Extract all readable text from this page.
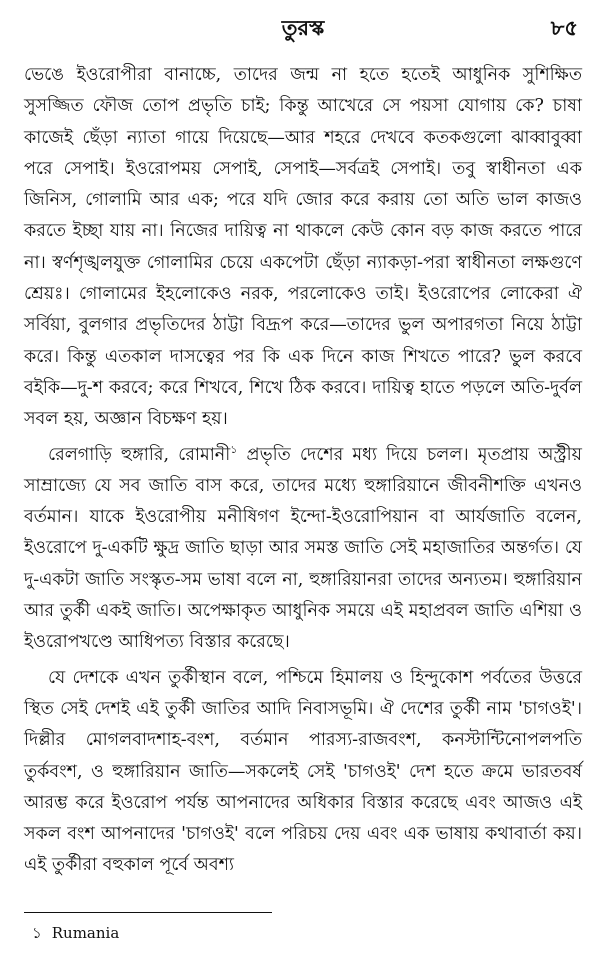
তুরস্ক	৮৫

ভেঙে ইওরোপীরা বানাচ্চে, তাদের জন্ম না হতে হতেই আধুনিক সুশিক্ষিত সুসজ্জিত ফৌজ তোপ প্রভৃতি চাই; কিন্তু আখেরে সে পয়সা যোগায় কে? চাষা কাজেই ছেঁড়া ন্যাতা গায়ে দিয়েছে—আর শহরে দেখবে কতকগুলো ঝাব্বাবুব্বা পরে সেপাই। ইওরোপময় সেপাই, সেপাই—সর্বত্রই সেপাই। তবু স্বাধীনতা এক জিনিস, গোলামি আর এক; পরে যদি জোর করে করায় তো অতি ভাল কাজও করতে ইচ্ছা যায় না। নিজের দায়িত্ব না থাকলে কেউ কোন বড় কাজ করতে পারে না। স্বর্ণশৃঙ্খলযুক্ত গোলামির চেয়ে একপেটা ছেঁড়া ন্যাকড়া-পরা স্বাধীনতা লক্ষগুণে শ্রেয়ঃ। গোলামের ইহলোকেও নরক, পরলোকেও তাই। ইওরোপের লোকেরা ঐ সর্বিয়া, বুলগার প্রভৃতিদের ঠাট্টা বিদ্রূপ করে—তাদের ভুল অপারগতা নিয়ে ঠাট্টা করে। কিন্তু এতকাল দাসত্বের পর কি এক দিনে কাজ শিখতে পারে? ভুল করবে বইকি—দু-শ করবে; করে শিখবে, শিখে ঠিক করবে। দায়িত্ব হাতে পড়লে অতি-দুর্বল সবল হয়, অজ্ঞান বিচক্ষণ হয়।

রেলগাড়ি হুঙ্গারি, রোমানী$^১$ প্রভৃতি দেশের মধ্য দিয়ে চলল। মৃতপ্রায় অস্ট্রীয় সাম্রাজ্যে যে সব জাতি বাস করে, তাদের মধ্যে হুঙ্গারিয়ানে জীবনীশক্তি এখনও বর্তমান। যাকে ইওরোপীয় মনীষিগণ ইন্দো-ইওরোপিয়ান বা আর্যজাতি বলেন, ইওরোপে দু-একটি ক্ষুদ্র জাতি ছাড়া আর সমস্ত জাতি সেই মহাজাতির অন্তর্গত। যে দু-একটা জাতি সংস্কৃত-সম ভাষা বলে না, হুঙ্গারিয়ানরা তাদের অন্যতম। হুঙ্গারিয়ান আর তুর্কী একই জাতি। অপেক্ষাকৃত আধুনিক সময়ে এই মহাপ্রবল জাতি এশিয়া ও ইওরোপখণ্ডে আধিপত্য বিস্তার করেছে।

যে দেশকে এখন তুর্কীস্থান বলে, পশ্চিমে হিমালয় ও হিন্দুকোশ পর্বতের উত্তরে স্থিত সেই দেশই এই তুর্কী জাতির আদি নিবাসভূমি। ঐ দেশের তুর্কী নাম 'চাগওই'। দিল্লীর মোগলবাদশাহ-বংশ, বর্তমান পারস্য-রাজবংশ, কনস্টান্টিনোপলপতি তুর্কবংশ, ও হুঙ্গারিয়ান জাতি—সকলেই সেই 'চাগওই' দেশ হতে ক্রমে ভারতবর্ষ আরম্ভ করে ইওরোপ পর্যন্ত আপনাদের অধিকার বিস্তার করেছে এবং আজও এই সকল বংশ আপনাদের 'চাগওই' বলে পরিচয় দেয় এবং এক ভাষায় কথাবার্তা কয়। এই তুর্কীরা বহুকাল পূর্বে অবশ্য

১ Rumania
